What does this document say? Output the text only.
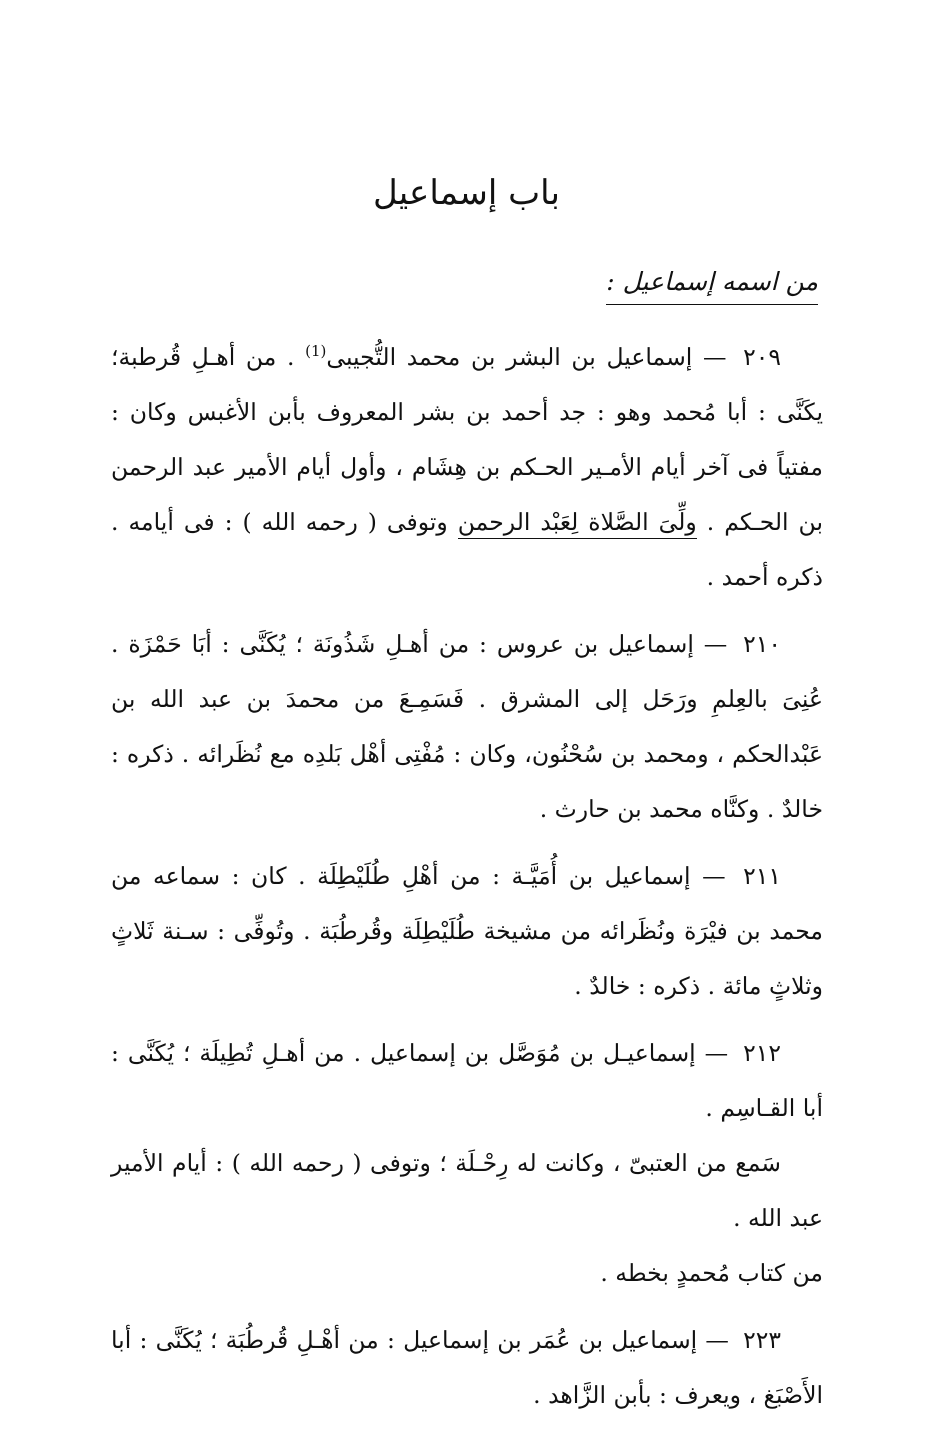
باب إسماعيل
من اسمه إسماعيل :

٢٠٩ — إسماعيل بن البشر بن محمد التُّجيبى$^{(1)}$ . من أهـلِ قُرطبة؛ يكَنَّى : أبا مُحمد وهو : جد أحمد بن بشر المعروف بأبن الأغبس وكان : مفتياً فى آخر أيام الأمـير الحـكم بن هِشَام ، وأول أيام الأمير عبد الرحمن بن الحـكم . ولِّىَ الصَّلاة لِعَبْد الرحمن وتوفى ( رحمه الله ) : فى أيامه . ذكره أحمد .

٢١٠ — إسماعيل بن عروس : من أهـلِ شَذُونَة ؛ يُكَنَّى : أبَا حَمْزَة . عُنِىَ بالعِلمِ ورَحَل إلى المشرق . فَسَمِـعَ من محمدَ بن عبد الله بن عَبْدالحكم ، ومحمد بن سُحْنُون، وكان : مُفْتِى أهْل بَلدِه مع نُظَرائه . ذكره : خالدٌ . وكنَّاه محمد بن حارث .

٢١١ — إسماعيل بن أُمَيَّـة : من أهْلِ طُلَيْطِلَة . كان : سماعه من محمد بن فيْرَة ونُظَرائه من مشيخة طُلَيْطِلَة وقُرطُبَة . وتُوفِّى : سـنة ثَلاثٍ وثلاثٍ مائة . ذكره : خالدٌ .

٢١٢ — إسماعيـل بن مُوَصَّل بن إسماعيل . من أهـلِ تُطِيلَة ؛ يُكَنَّى : أبا القـاسِم .

سَمع من العتبىّ ، وكانت له رِحْـلَة ؛ وتوفى ( رحمه الله ) : أيام الأمير عبد الله .

من كتاب مُحمدٍ بخطه .

٢٢٣ — إسماعيل بن عُمَر بن إسماعيل : من أهْـلِ قُرطُبَة ؛ يُكَنَّى : أبا الأَصْبَغ ، ويعرف : بأبن الزَّاهد .
